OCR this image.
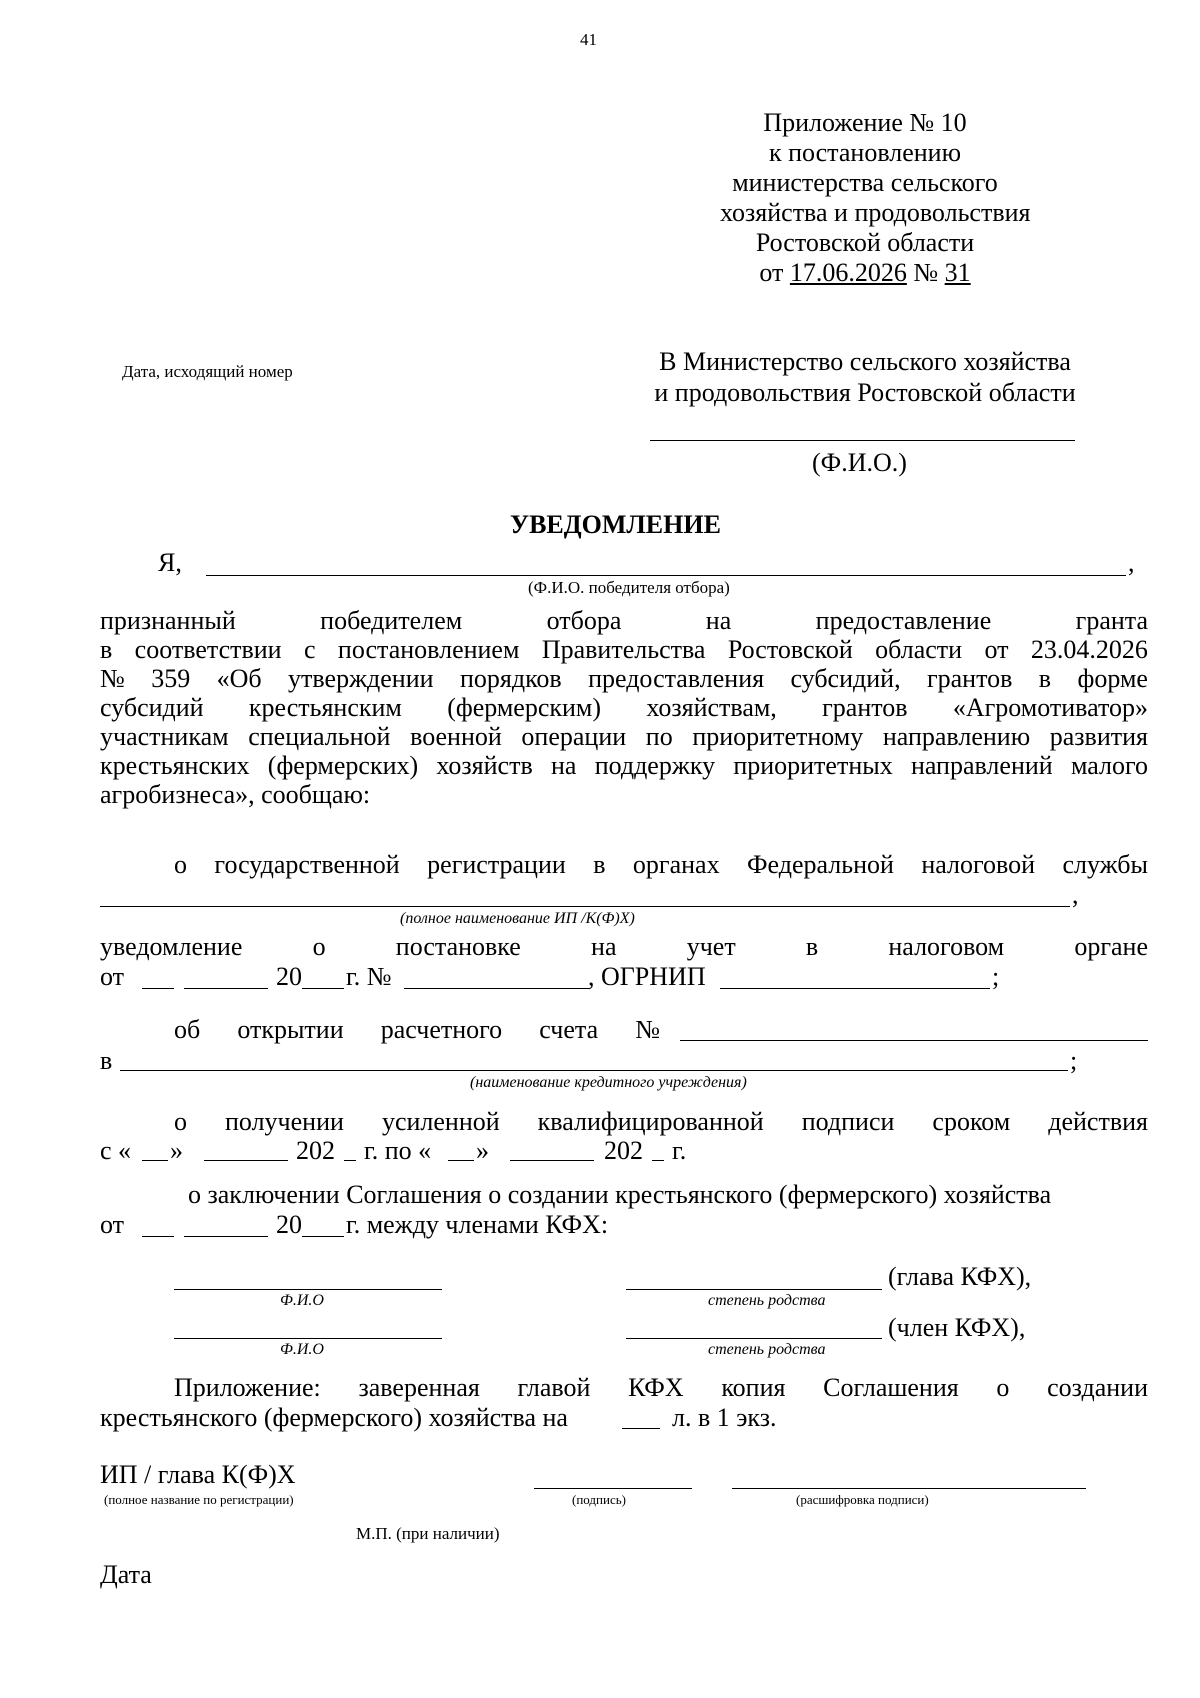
41
Приложение № 10
к постановлению
министерства сельского
хозяйства и продовольствия
Ростовской области
от 17.06.2026 № 31
Дата, исходящий номер	В Министерство сельского хозяйства
и продовольствия Ростовской области
(Ф.И.О.)
УВЕДОМЛЕНИЕ
Я,	,
(Ф.И.О. победителя отбора)
признанный	победителем	отбора	на	предоставление	гранта
в соответствии с постановлением Правительства Ростовской области от 23.04.2026
№ 359 «Об утверждении порядков предоставления субсидий, грантов в форме
субсидий крестьянским (фермерским) хозяйствам, грантов «Агромотиватор»
участникам специальной военной операции по приоритетному направлению развития
крестьянских (фермерских) хозяйств на поддержку приоритетных направлений малого
агробизнеса», сообщаю:
о государственной регистрации в органах Федеральной налоговой службы
,
(полное наименование ИП /К(Ф)Х)
уведомление	о	постановке	на	учет	в	налоговом	органе
от	20 г. №	, ОГРНИП	;
об открытии расчетного счета №
в	;
(наименование кредитного учреждения)
о получении усиленной квалифицированной подписи сроком действия
с « »	202 г. по « »	202 г.
о заключении Соглашения о создании крестьянского (фермерского) хозяйства
от	20 г. между членами КФХ:
Ф.И.О	степень родства
(глава КФХ),
Ф.И.О	степень родства
(член КФХ),
Приложение: заверенная главой КФХ копия Соглашения о создании
крестьянского (фермерского) хозяйства на	л. в 1 экз.
ИП / глава К(Ф)Х
(полное название по регистрации)	(подпись)	(расшифровка подписи)
М.П. (при наличии)
Дата
